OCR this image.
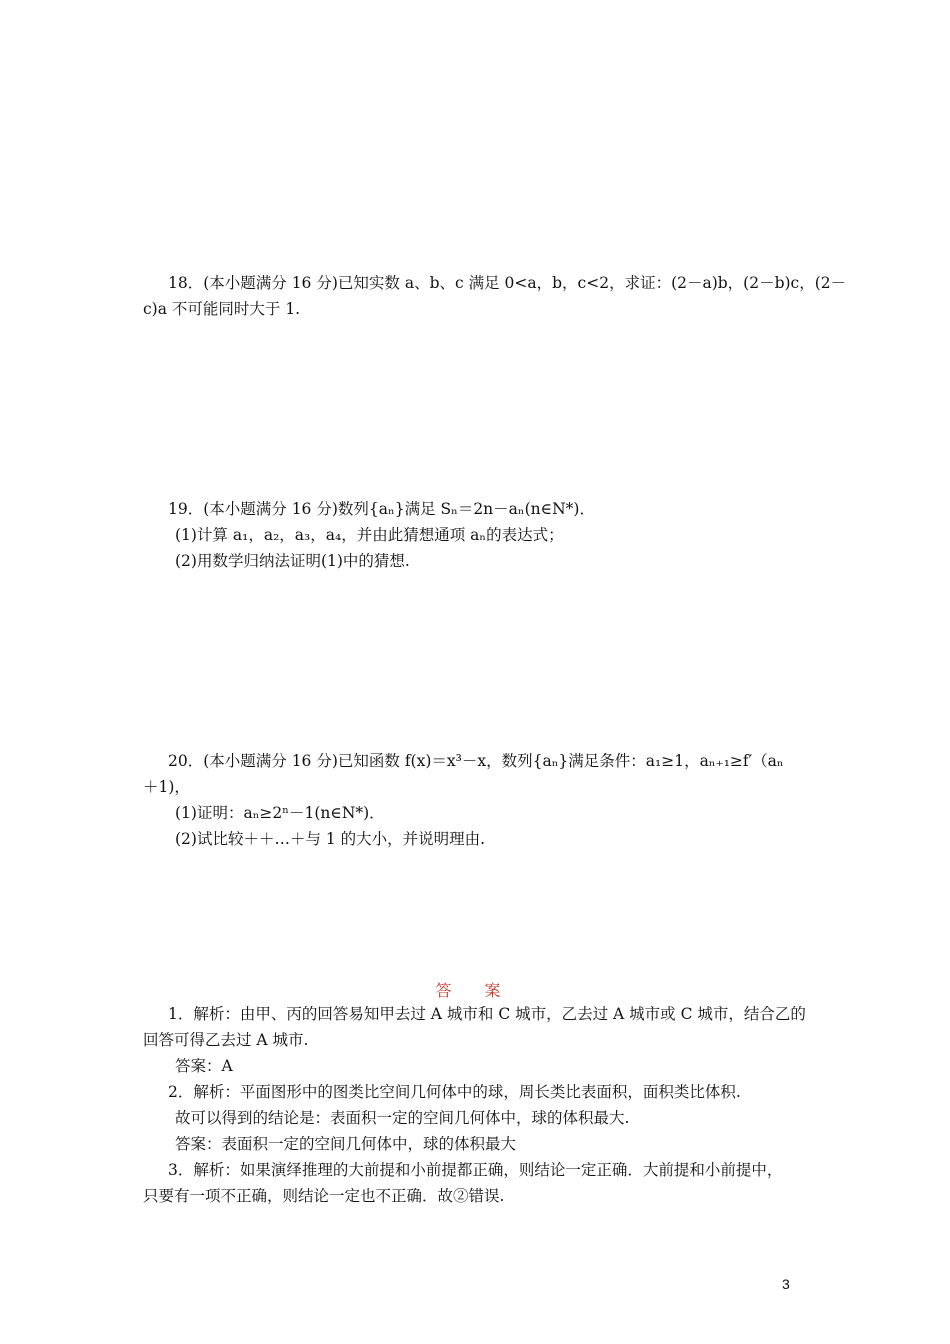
18．(本小题满分 16 分)已知实数 a、b、c 满足 0<a，b，c<2，求证：(2－a)b，(2－b)c，(2－
c)a 不可能同时大于 1.
19．(本小题满分 16 分)数列{aₙ}满足 Sₙ＝2n－aₙ(n∈N*)．
(1)计算 a₁，a₂，a₃，a₄，并由此猜想通项 aₙ的表达式；
(2)用数学归纳法证明(1)中的猜想.
20．(本小题满分 16 分)已知函数 f(x)＝x³－x，数列{aₙ}满足条件：a₁≥1，aₙ₊₁≥f′（aₙ
＋1)，
(1)证明：aₙ≥2ⁿ－1(n∈N*)．
(2)试比较＋＋…＋与 1 的大小，并说明理由.
答 案
1．解析：由甲、丙的回答易知甲去过 A 城市和 C 城市，乙去过 A 城市或 C 城市，结合乙的
回答可得乙去过 A 城市.
答案：A
2．解析：平面图形中的图类比空间几何体中的球，周长类比表面积，面积类比体积.
故可以得到的结论是：表面积一定的空间几何体中，球的体积最大.
答案：表面积一定的空间几何体中，球的体积最大
3．解析：如果演绎推理的大前提和小前提都正确，则结论一定正确．大前提和小前提中，
只要有一项不正确，则结论一定也不正确．故②错误.
3
